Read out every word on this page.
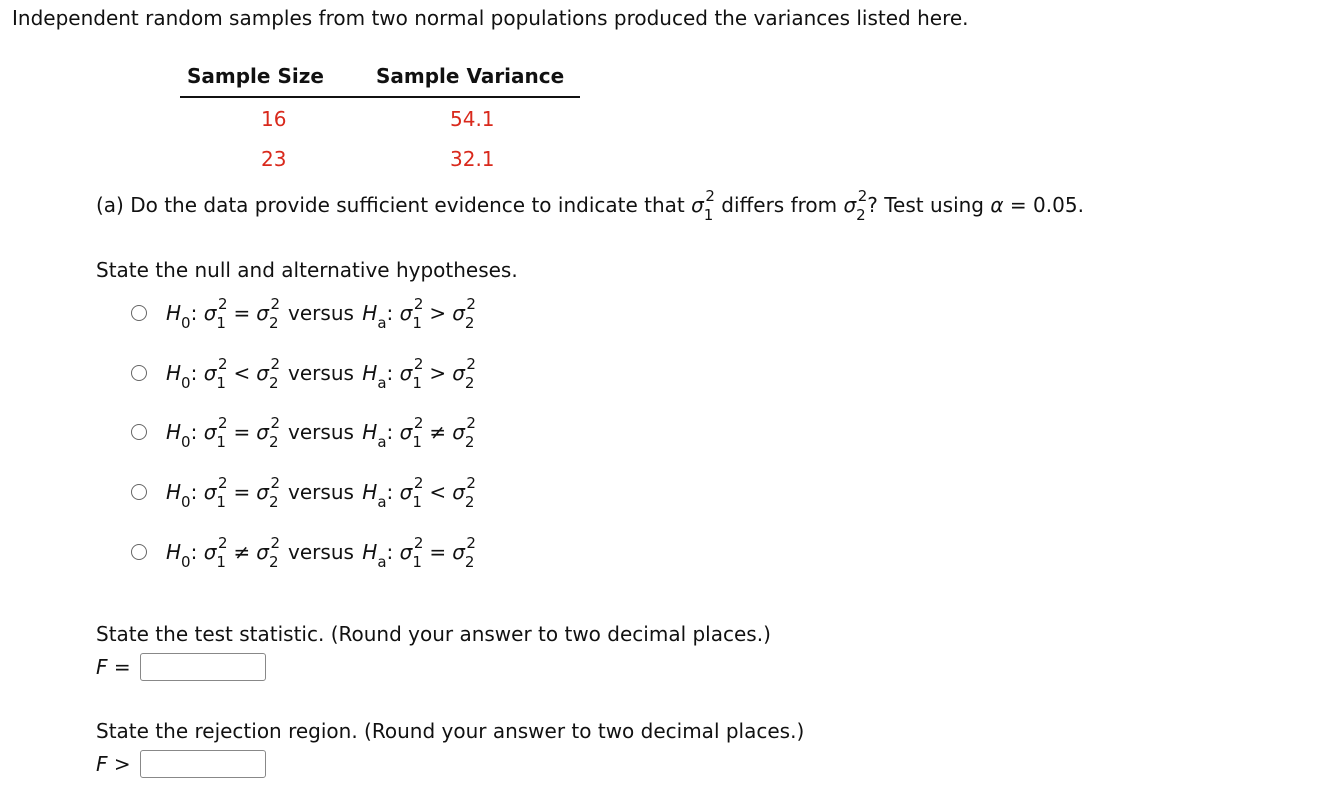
Independent random samples from two normal populations produced the variances listed here.
Sample Size	Sample Variance
16	54.1
23	32.1
(a) Do the data provide sufficient evidence to indicate that σ12 differs from σ22? Test using α = 0.05.
State the null and alternative hypotheses.
H0: σ12 = σ22 versus Ha: σ12 > σ22
H0: σ12 < σ22 versus Ha: σ12 > σ22
H0: σ12 = σ22 versus Ha: σ12 ≠ σ22
H0: σ12 = σ22 versus Ha: σ12 < σ22
H0: σ12 ≠ σ22 versus Ha: σ12 = σ22
State the test statistic. (Round your answer to two decimal places.)
F =
State the rejection region. (Round your answer to two decimal places.)
F >
